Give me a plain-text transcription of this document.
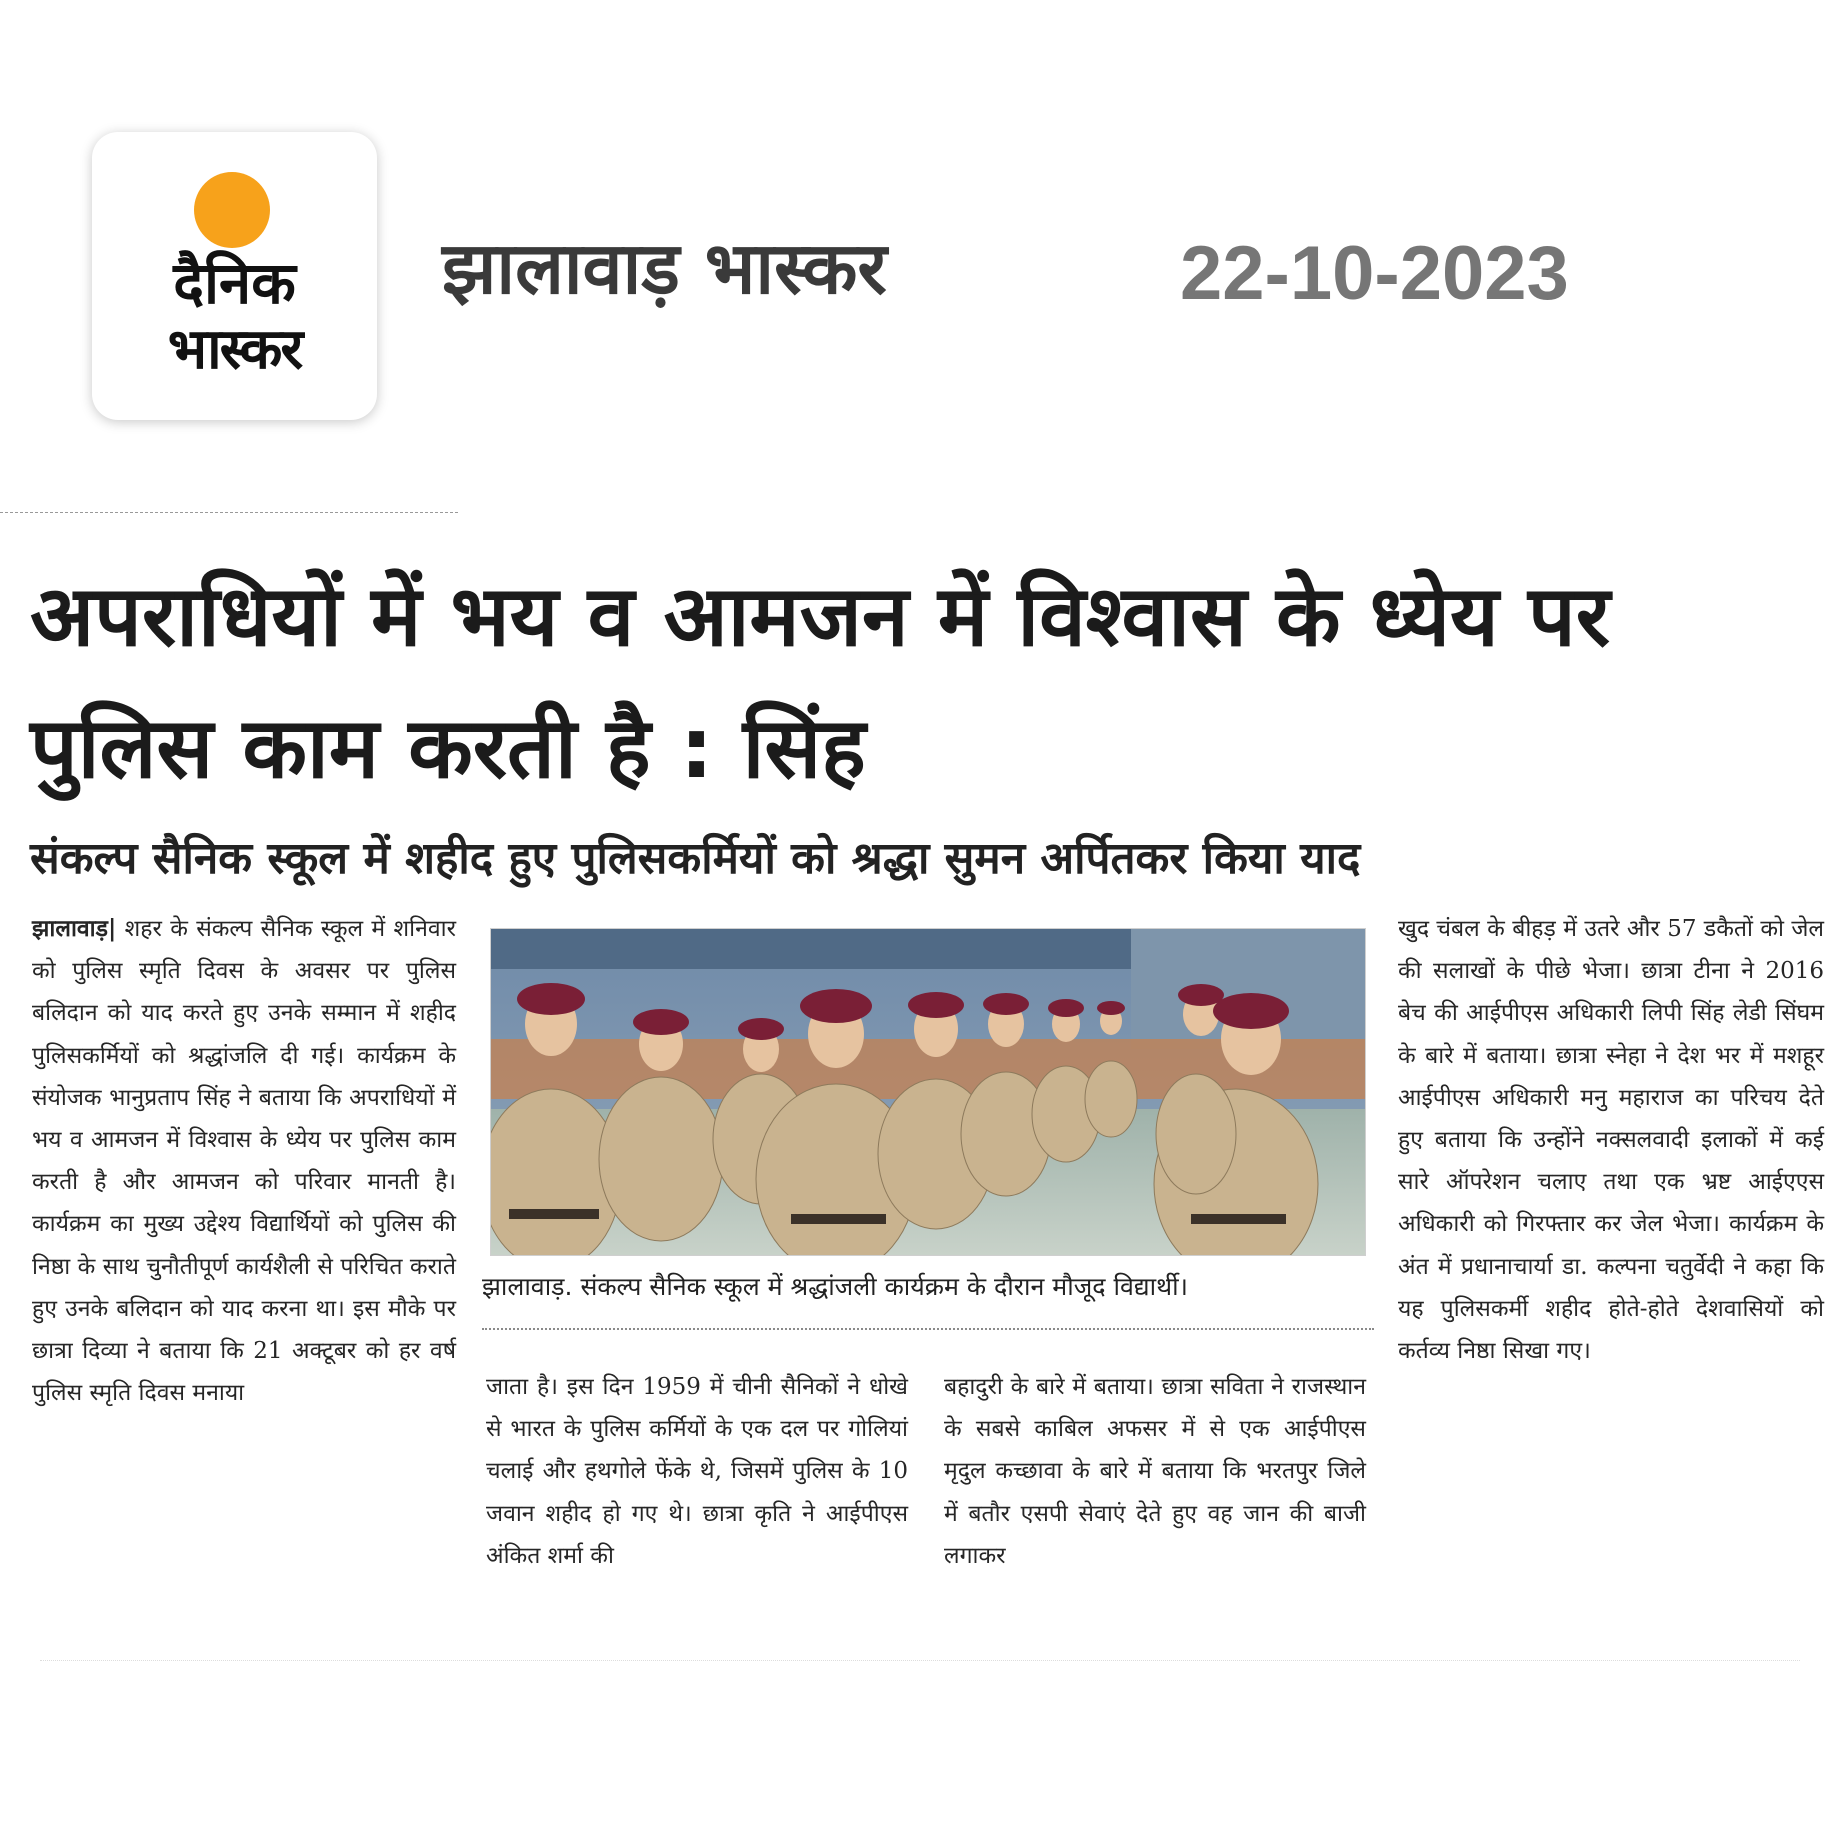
दैनिक
भास्कर
झालावाड़ भास्कर	22-10-2023
अपराधियों में भय व आमजन में विश्वास के ध्येय पर पुलिस काम करती है : सिंह
संकल्प सैनिक स्कूल में शहीद हुए पुलिसकर्मियों को श्रद्धा सुमन अर्पितकर किया याद

झालावाड़| शहर के संकल्प सैनिक स्कूल में शनिवार को पुलिस स्मृति दिवस के अवसर पर पुलिस बलिदान को याद करते हुए उनके सम्मान में शहीद पुलिसकर्मियों को श्रद्धांजलि दी गई। कार्यक्रम के संयोजक भानुप्रताप सिंह ने बताया कि अपराधियों में भय व आमजन में विश्वास के ध्येय पर पुलिस काम करती है और आमजन को परिवार मानती है। कार्यक्रम का मुख्य उद्देश्य विद्यार्थियों को पुलिस की निष्ठा के साथ चुनौतीपूर्ण कार्यशैली से परिचित कराते हुए उनके बलिदान को याद करना था। इस मौके पर छात्रा दिव्या ने बताया कि 21 अक्टूबर को हर वर्ष पुलिस स्मृति दिवस मनाया

झालावाड़. संकल्प सैनिक स्कूल में श्रद्धांजली कार्यक्रम के दौरान मौजूद विद्यार्थी।

जाता है। इस दिन 1959 में चीनी सैनिकों ने धोखे से भारत के पुलिस कर्मियों के एक दल पर गोलियां चलाई और हथगोले फेंके थे, जिसमें पुलिस के 10 जवान शहीद हो गए थे। छात्रा कृति ने आईपीएस अंकित शर्मा की

बहादुरी के बारे में बताया। छात्रा सविता ने राजस्थान के सबसे काबिल अफसर में से एक आईपीएस मृदुल कच्छावा के बारे में बताया कि भरतपुर जिले में बतौर एसपी सेवाएं देते हुए वह जान की बाजी लगाकर

खुद चंबल के बीहड़ में उतरे और 57 डकैतों को जेल की सलाखों के पीछे भेजा। छात्रा टीना ने 2016 बेच की आईपीएस अधिकारी लिपी सिंह लेडी सिंघम के बारे में बताया। छात्रा स्नेहा ने देश भर में मशहूर आईपीएस अधिकारी मनु महाराज का परिचय देते हुए बताया कि उन्होंने नक्सलवादी इलाकों में कई सारे ऑपरेशन चलाए तथा एक भ्रष्ट आईएएस अधिकारी को गिरफ्तार कर जेल भेजा। कार्यक्रम के अंत में प्रधानाचार्या डा. कल्पना चतुर्वेदी ने कहा कि यह पुलिसकर्मी शहीद होते-होते देशवासियों को कर्तव्य निष्ठा सिखा गए।
